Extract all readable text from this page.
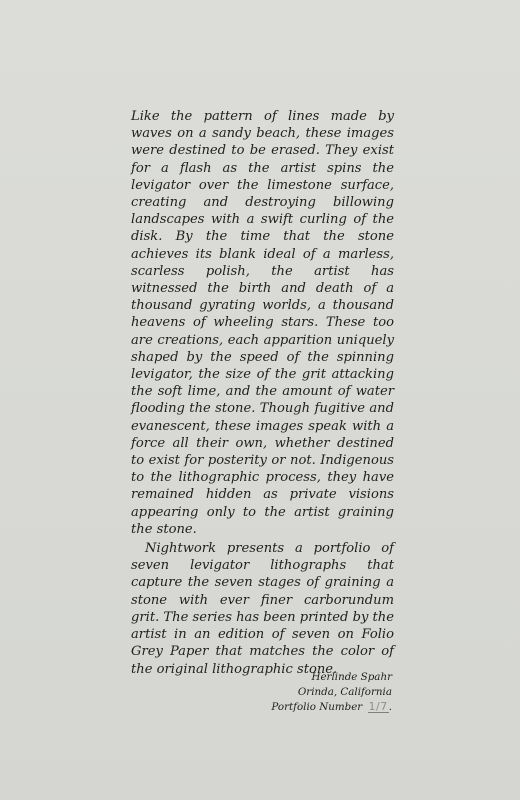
Like the pattern of lines made by waves on a sandy beach, these images were destined to be erased. They exist for a flash as the artist spins the levigator over the limestone surface, creating and destroying billowing landscapes with a swift curling of the disk. By the time that the stone achieves its blank ideal of a marless, scarless polish, the artist has witnessed the birth and death of a thousand gyrating worlds, a thousand heavens of wheeling stars. These too are creations, each apparition uniquely shaped by the speed of the spinning levigator, the size of the grit attacking the soft lime, and the amount of water flooding the stone. Though fugitive and evanescent, these images speak with a force all their own, whether destined to exist for posterity or not. Indigenous to the lithographic process, they have remained hidden as private visions appearing only to the artist graining the stone.

Nightwork presents a portfolio of seven levigator lithographs that capture the seven stages of graining a stone with ever finer carborundum grit. The series has been printed by the artist in an edition of seven on Folio Grey Paper that matches the color of the original lithographic stone.

Herlinde Spahr
Orinda, California
Portfolio Number 1/7.
